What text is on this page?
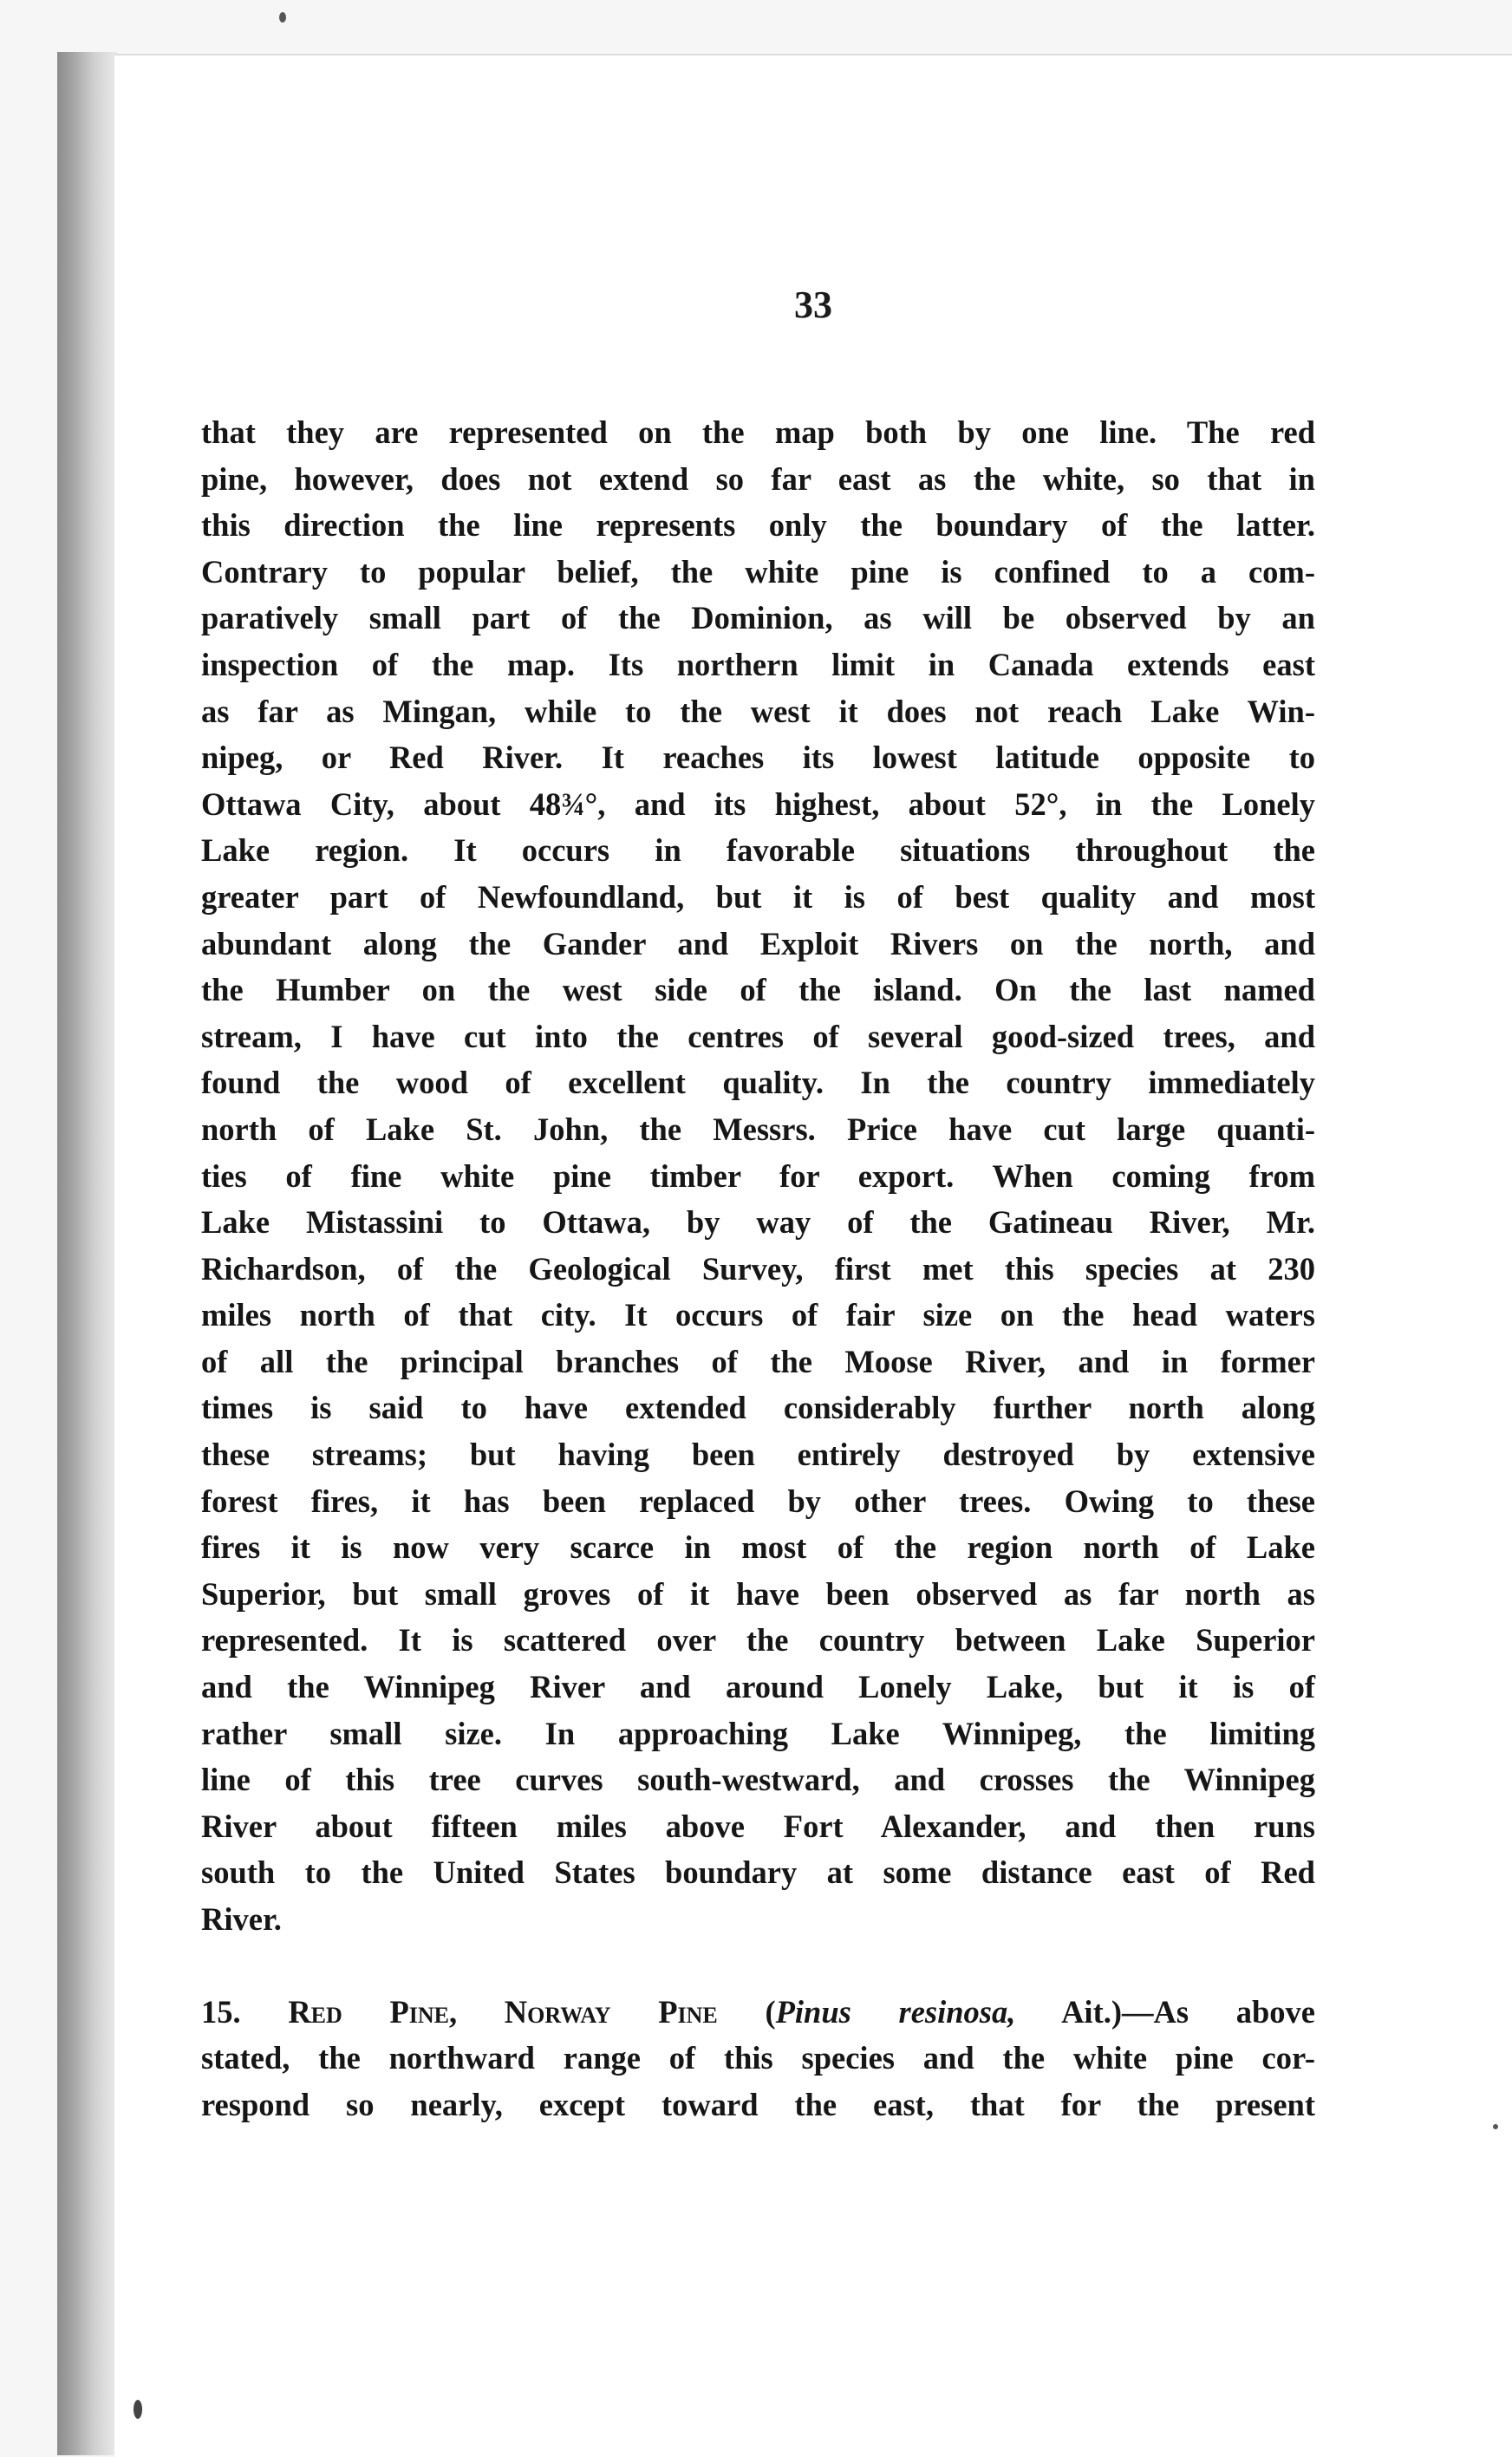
33
that they are represented on the map both by one line. The red
pine, however, does not extend so far east as the white, so that in
this direction the line represents only the boundary of the latter.
Contrary to popular belief, the white pine is confined to a com-
paratively small part of the Dominion, as will be observed by an
inspection of the map. Its northern limit in Canada extends east
as far as Mingan, while to the west it does not reach Lake Win-
nipeg, or Red River. It reaches its lowest latitude opposite to
Ottawa City, about 48¾°, and its highest, about 52°, in the Lonely
Lake region. It occurs in favorable situations throughout the
greater part of Newfoundland, but it is of best quality and most
abundant along the Gander and Exploit Rivers on the north, and
the Humber on the west side of the island. On the last named
stream, I have cut into the centres of several good-sized trees, and
found the wood of excellent quality. In the country immediately
north of Lake St. John, the Messrs. Price have cut large quanti-
ties of fine white pine timber for export. When coming from
Lake Mistassini to Ottawa, by way of the Gatineau River, Mr.
Richardson, of the Geological Survey, first met this species at 230
miles north of that city. It occurs of fair size on the head waters
of all the principal branches of the Moose River, and in former
times is said to have extended considerably further north along
these streams; but having been entirely destroyed by extensive
forest fires, it has been replaced by other trees. Owing to these
fires it is now very scarce in most of the region north of Lake
Superior, but small groves of it have been observed as far north as
represented. It is scattered over the country between Lake Superior
and the Winnipeg River and around Lonely Lake, but it is of
rather small size. In approaching Lake Winnipeg, the limiting
line of this tree curves south-westward, and crosses the Winnipeg
River about fifteen miles above Fort Alexander, and then runs
south to the United States boundary at some distance east of Red
River.
15. Red Pine, Norway Pine (Pinus resinosa, Ait.)—As above
stated, the northward range of this species and the white pine cor-
respond so nearly, except toward the east, that for the present
